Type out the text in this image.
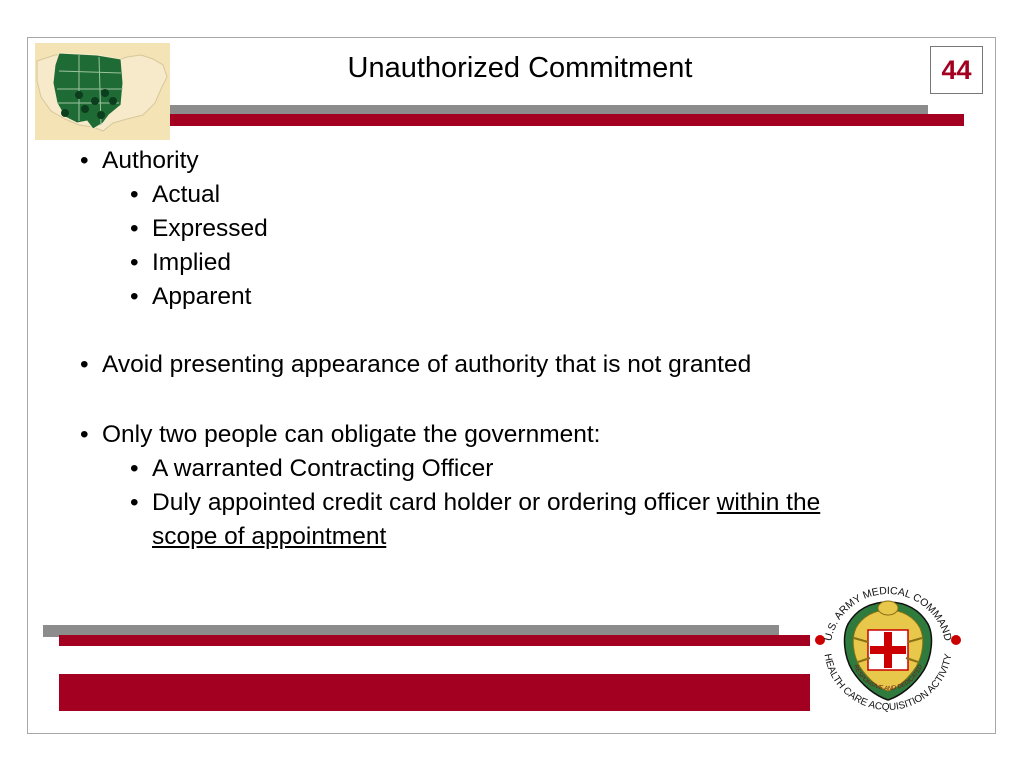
Unauthorized Commitment	44
• Authority
• Actual
• Expressed
• Implied
• Apparent
• Avoid presenting appearance of authority that is not granted
• Only two people can obligate the government:
• A warranted Contracting Officer
• Duly appointed credit card holder or ordering officer within the
scope of appointment
U.S. ARMY MEDICAL COMMAND
HEALTH CARE ACQUISITION ACTIVITY
RESPONSIVE AND DEDICATED
